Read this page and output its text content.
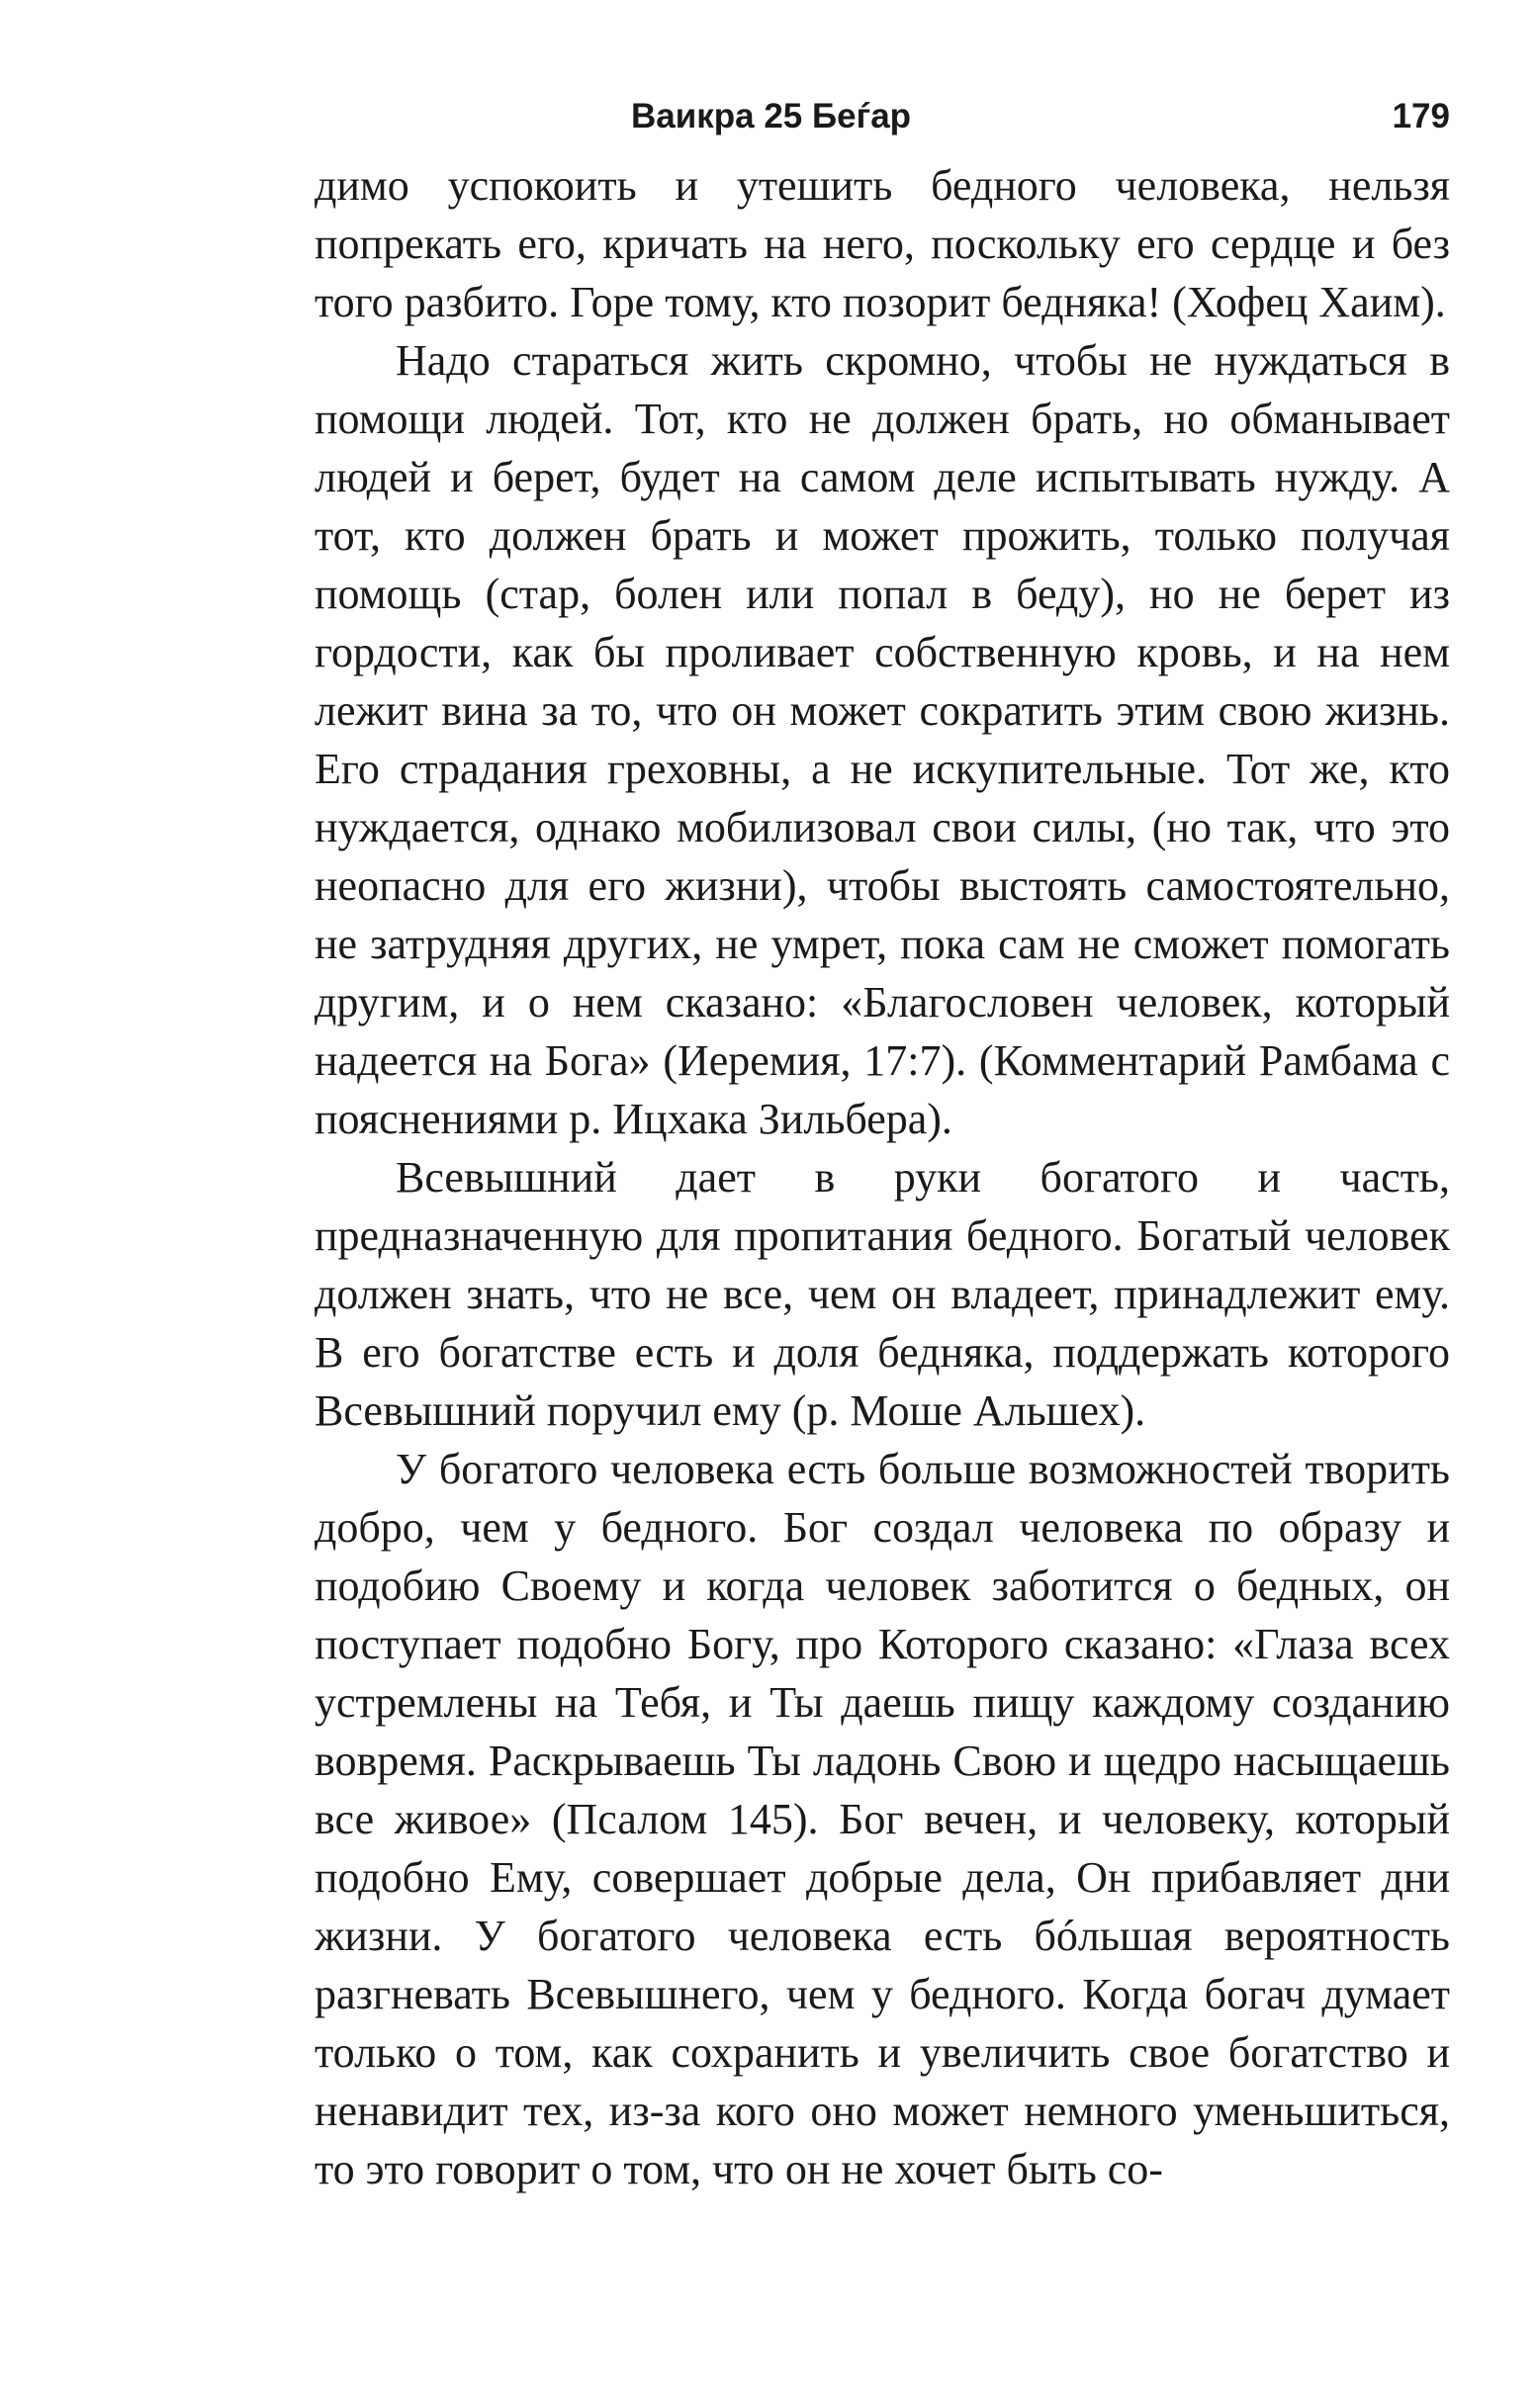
Ваикра 25 Беѓар	179

димо успокоить и утешить бедного человека, нельзя попрекать его, кричать на него, поскольку его сердце и без того разбито. Горе тому, кто позорит бедняка! (Хофец Хаим).

Надо стараться жить скромно, чтобы не нуждаться в помощи людей. Тот, кто не должен брать, но обманывает людей и берет, будет на самом деле испытывать нужду. А тот, кто должен брать и может прожить, только получая помощь (стар, болен или попал в беду), но не берет из гордости, как бы проливает собственную кровь, и на нем лежит вина за то, что он может сократить этим свою жизнь. Его страдания греховны, а не искупительные. Тот же, кто нуждается, однако мобилизовал свои силы, (но так, что это неопасно для его жизни), чтобы выстоять самостоятельно, не затрудняя других, не умрет, пока сам не сможет помогать другим, и о нем сказано: «Благословен человек, который надеется на Бога» (Иеремия, 17:7). (Комментарий Рамбама с пояснениями р. Ицхака Зильбера).

Всевышний дает в руки богатого и часть, предназначенную для пропитания бедного. Богатый человек должен знать, что не все, чем он владеет, принадлежит ему. В его богатстве есть и доля бедняка, поддержать которого Всевышний поручил ему (р. Моше Альшех).

У богатого человека есть больше возможностей творить добро, чем у бедного. Бог создал человека по образу и подобию Своему и когда человек заботится о бедных, он поступает подобно Богу, про Которого сказано: «Глаза всех устремлены на Тебя, и Ты даешь пищу каждому созданию вовремя. Раскрываешь Ты ладонь Свою и щедро насыщаешь все живое» (Псалом 145). Бог вечен, и человеку, который подобно Ему, совершает добрые дела, Он прибавляет дни жизни. У богатого человека есть бóльшая вероятность разгневать Всевышнего, чем у бедного. Когда богач думает только о том, как сохранить и увеличить свое богатство и ненавидит тех, из-за кого оно может немного уменьшиться, то это говорит о том, что он не хочет быть со-
